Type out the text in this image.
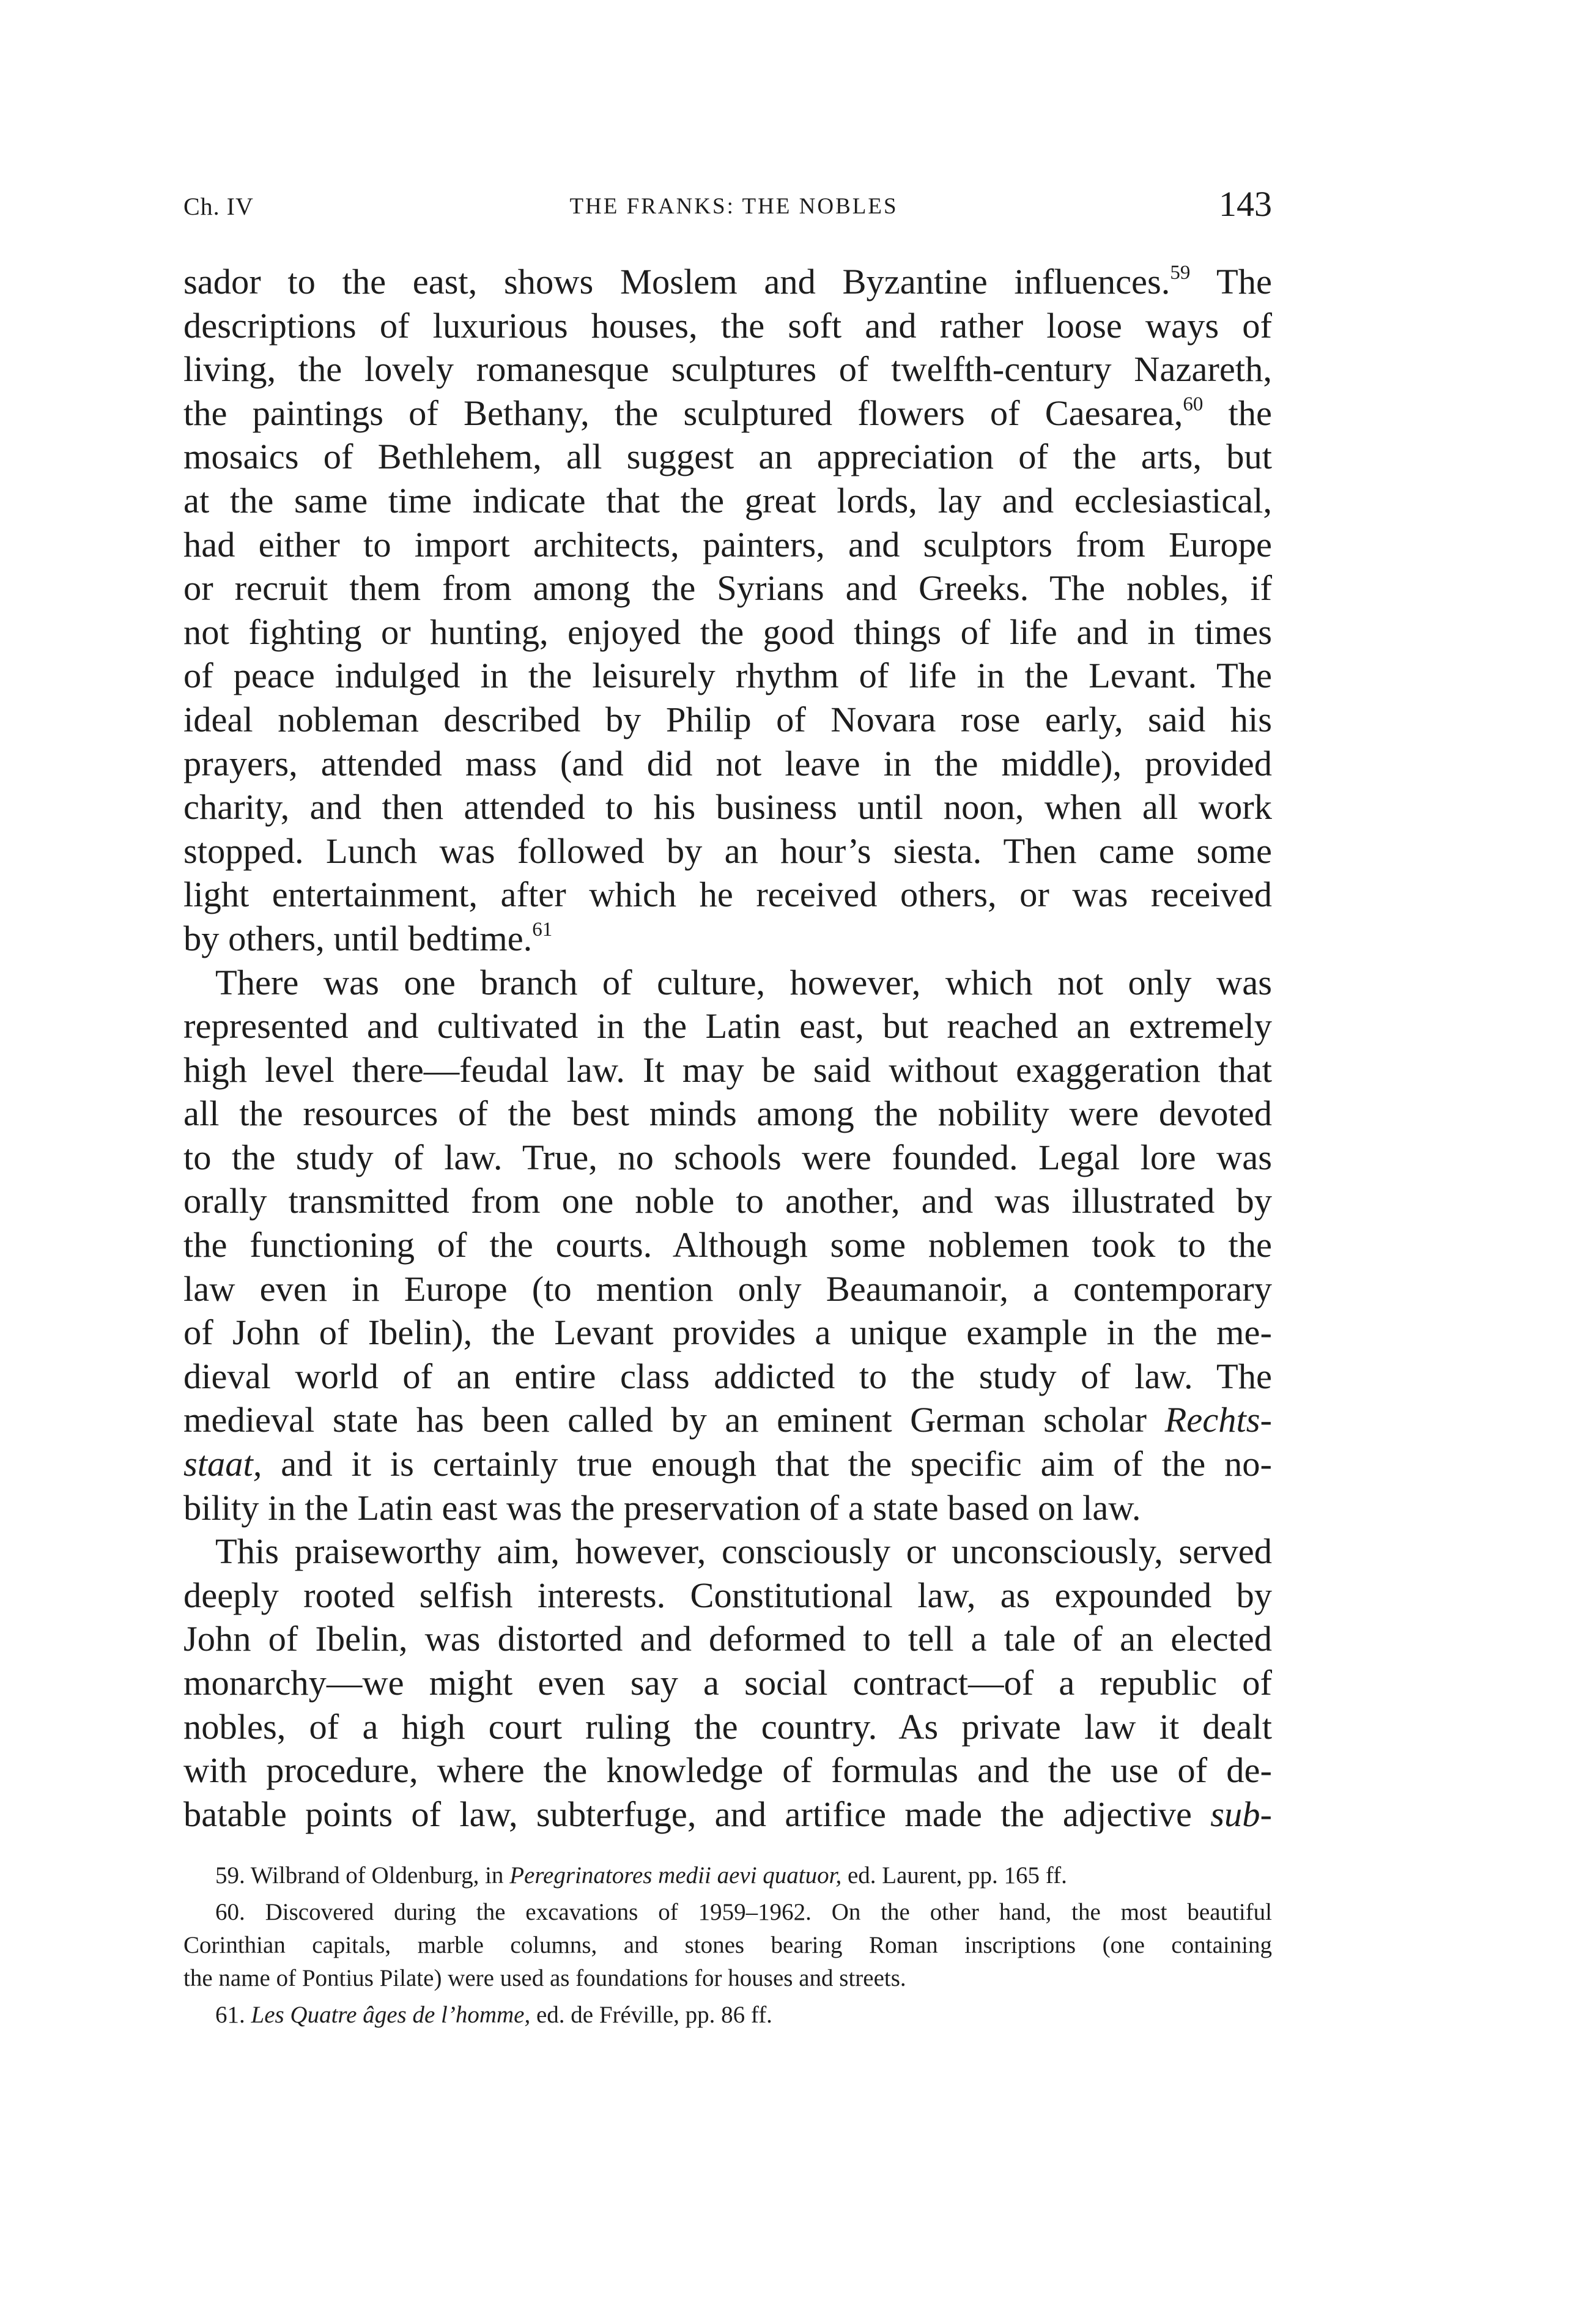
Ch. IV	THE FRANKS: THE NOBLES	143
sador to the east, shows Moslem and Byzantine influences.$^{59}$ The
descriptions of luxurious houses, the soft and rather loose ways of
living, the lovely romanesque sculptures of twelfth-century Nazareth,
the paintings of Bethany, the sculptured flowers of Caesarea,$^{60}$ the
mosaics of Bethlehem, all suggest an appreciation of the arts, but
at the same time indicate that the great lords, lay and ecclesiastical,
had either to import architects, painters, and sculptors from Europe
or recruit them from among the Syrians and Greeks. The nobles, if
not fighting or hunting, enjoyed the good things of life and in times
of peace indulged in the leisurely rhythm of life in the Levant. The
ideal nobleman described by Philip of Novara rose early, said his
prayers, attended mass (and did not leave in the middle), provided
charity, and then attended to his business until noon, when all work
stopped. Lunch was followed by an hour’s siesta. Then came some
light entertainment, after which he received others, or was received
by others, until bedtime.$^{61}$
There was one branch of culture, however, which not only was
represented and cultivated in the Latin east, but reached an extremely
high level there—feudal law. It may be said without exaggeration that
all the resources of the best minds among the nobility were devoted
to the study of law. True, no schools were founded. Legal lore was
orally transmitted from one noble to another, and was illustrated by
the functioning of the courts. Although some noblemen took to the
law even in Europe (to mention only Beaumanoir, a contemporary
of John of Ibelin), the Levant provides a unique example in the me-
dieval world of an entire class addicted to the study of law. The
medieval state has been called by an eminent German scholar Rechts-
staat, and it is certainly true enough that the specific aim of the no-
bility in the Latin east was the preservation of a state based on law.
This praiseworthy aim, however, consciously or unconsciously, served
deeply rooted selfish interests. Constitutional law, as expounded by
John of Ibelin, was distorted and deformed to tell a tale of an elected
monarchy—we might even say a social contract—of a republic of
nobles, of a high court ruling the country. As private law it dealt
with procedure, where the knowledge of formulas and the use of de-
batable points of law, subterfuge, and artifice made the adjective sub-
59. Wilbrand of Oldenburg, in Peregrinatores medii aevi quatuor, ed. Laurent, pp. 165 ff.
60. Discovered during the excavations of 1959–1962. On the other hand, the most beautiful
Corinthian capitals, marble columns, and stones bearing Roman inscriptions (one containing
the name of Pontius Pilate) were used as foundations for houses and streets.
61. Les Quatre âges de l’homme, ed. de Fréville, pp. 86 ff.
